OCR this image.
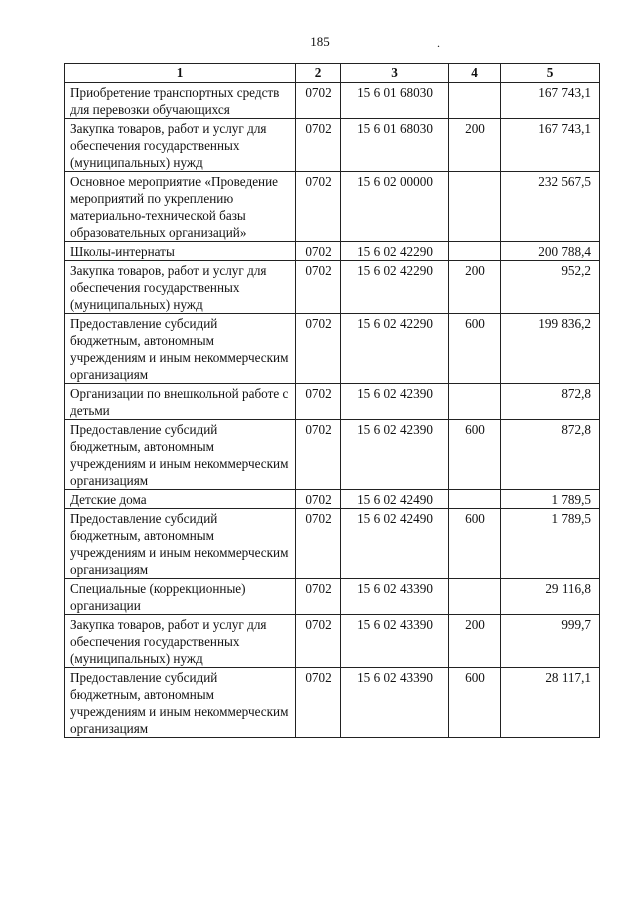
185	.
1	2	3	4	5
Приобретение транспортных средств для перевозки обучающихся	0702	15 6 01 68030		167 743,1
Закупка товаров, работ и услуг для обеспечения государственных (муниципальных) нужд	0702	15 6 01 68030	200	167 743,1
Основное мероприятие «Проведение мероприятий по укреплению материально-технической базы образовательных организаций»	0702	15 6 02 00000		232 567,5
Школы-интернаты	0702	15 6 02 42290		200 788,4
Закупка товаров, работ и услуг для обеспечения государственных (муниципальных) нужд	0702	15 6 02 42290	200	952,2
Предоставление субсидий бюджетным, автономным учреждениям и иным некоммерческим организациям	0702	15 6 02 42290	600	199 836,2
Организации по внешкольной работе с детьми	0702	15 6 02 42390		872,8
Предоставление субсидий бюджетным, автономным учреждениям и иным некоммерческим организациям	0702	15 6 02 42390	600	872,8
Детские дома	0702	15 6 02 42490		1 789,5
Предоставление субсидий бюджетным, автономным учреждениям и иным некоммерческим организациям	0702	15 6 02 42490	600	1 789,5
Специальные (коррекционные) организации	0702	15 6 02 43390		29 116,8
Закупка товаров, работ и услуг для обеспечения государственных (муниципальных) нужд	0702	15 6 02 43390	200	999,7
Предоставление субсидий бюджетным, автономным учреждениям и иным некоммерческим организациям	0702	15 6 02 43390	600	28 117,1
